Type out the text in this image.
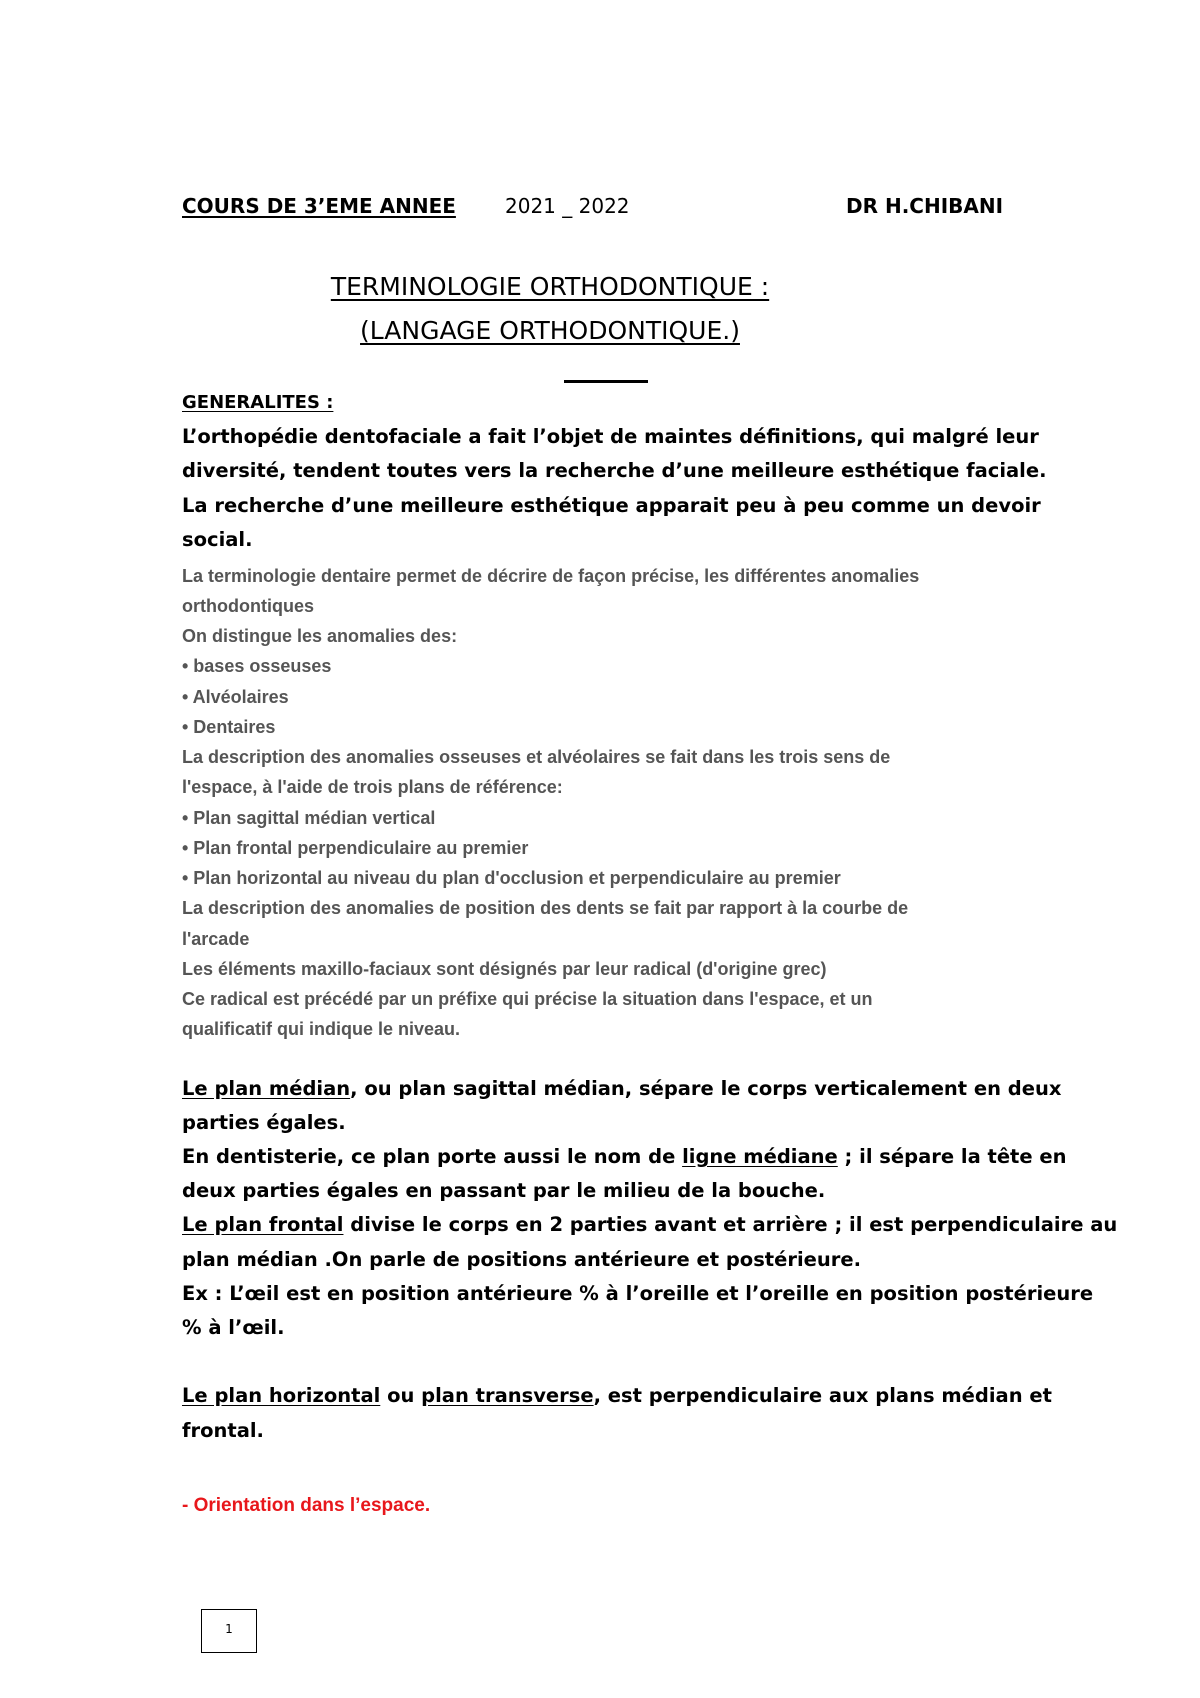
COURS DE 3’EME ANNEE 2021 _ 2022	DR H.CHIBANI
TERMINOLOGIE ORTHODONTIQUE :
(LANGAGE ORTHODONTIQUE.)
GENERALITES :
L’orthopédie dentofaciale a fait l’objet de maintes définitions, qui malgré leur
diversité, tendent toutes vers la recherche d’une meilleure esthétique faciale.
La recherche d’une meilleure esthétique apparait peu à peu comme un devoir
social.
La terminologie dentaire permet de décrire de façon précise, les différentes anomalies
orthodontiques
On distingue les anomalies des:
• bases osseuses
• Alvéolaires
• Dentaires
La description des anomalies osseuses et alvéolaires se fait dans les trois sens de
l'espace, à l'aide de trois plans de référence:
• Plan sagittal médian vertical
• Plan frontal perpendiculaire au premier
• Plan horizontal au niveau du plan d'occlusion et perpendiculaire au premier
La description des anomalies de position des dents se fait par rapport à la courbe de
l'arcade
Les éléments maxillo-faciaux sont désignés par leur radical (d'origine grec)
Ce radical est précédé par un préfixe qui précise la situation dans l'espace, et un
qualificatif qui indique le niveau.
Le plan médian, ou plan sagittal médian, sépare le corps verticalement en deux
parties égales.
En dentisterie, ce plan porte aussi le nom de ligne médiane ; il sépare la tête en
deux parties égales en passant par le milieu de la bouche.
Le plan frontal divise le corps en 2 parties avant et arrière ; il est perpendiculaire au
plan médian .On parle de positions antérieure et postérieure.
Ex : L’œil est en position antérieure % à l’oreille et l’oreille en position postérieure
% à l’œil.
Le plan horizontal ou plan transverse, est perpendiculaire aux plans médian et
frontal.
- Orientation dans l’espace.
1
